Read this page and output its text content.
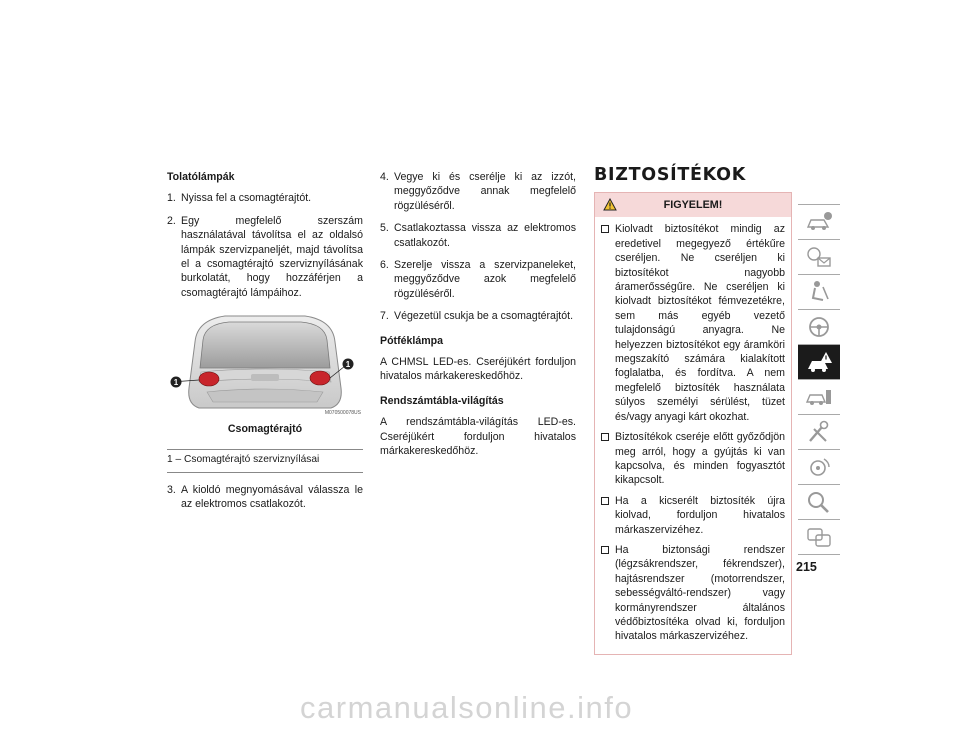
Tolatólámpák
1. Nyissa fel a csomagtérajtót.
2. Egy megfelelő szerszám használatával távolítsa el az oldalsó lámpák szervizpaneljét, majd távolítsa el a csomagtérajtó szerviznyílásának burkolatát, hogy hozzáférjen a csomagtérajtó lámpáihoz.
1
1
M070500078US
Csomagtérajtó
1 – Csomagtérajtó szerviznyílásai
3. A kioldó megnyomásával válassza le az elektromos csatlakozót.
4. Vegye ki és cserélje ki az izzót, meggyőződve annak megfelelő rögzüléséről.
5. Csatlakoztassa vissza az elektromos csatlakozót.
6. Szerelje vissza a szervizpaneleket, meggyőződve azok megfelelő rögzüléséről.
7. Végezetül csukja be a csomagtérajtót.
Pótféklámpa
A CHMSL LED-es. Cseréjükért forduljon hivatalos márkakereskedőhöz.
Rendszámtábla-világítás
A rendszámtábla-világítás LED-es. Cseréjükért forduljon hivatalos márkakereskedőhöz.
BIZTOSÍTÉKOK
FIGYELEM!
Kiolvadt biztosítékot mindig az eredetivel megegyező értékűre cseréljen. Ne cseréljen ki biztosítékot nagyobb áramerősségűre. Ne cseréljen ki kiolvadt biztosítékot fémvezetékre, sem más egyéb vezető tulajdonságú anyagra. Ne helyezzen biztosítékot egy áramköri megszakító számára kialakított foglalatba, és fordítva. A nem megfelelő biztosíték használata súlyos személyi sérülést, tüzet és/vagy anyagi kárt okozhat.
Biztosítékok cseréje előtt győződjön meg arról, hogy a gyújtás ki van kapcsolva, és minden fogyasztót kikapcsolt.
Ha a kicserélt biztosíték újra kiolvad, forduljon hivatalos márkaszervizéhez.
Ha biztonsági rendszer (légzsákrendszer, fékrendszer), hajtásrendszer (motorrendszer, sebességváltó-rendszer) vagy kormányrendszer általános védőbiztosítéka olvad ki, forduljon hivatalos márkaszervizéhez.
215
carmanualsonline.info
